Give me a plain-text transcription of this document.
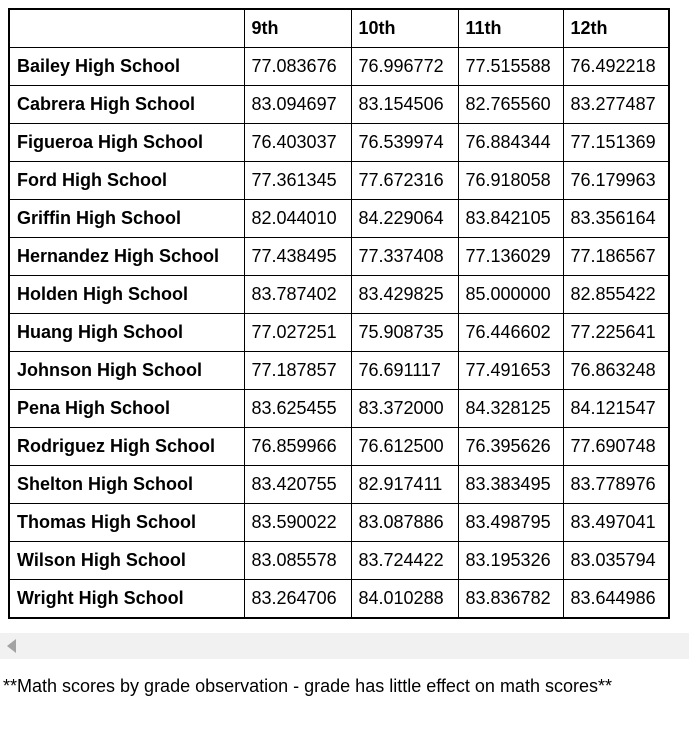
	9th	10th	11th	12th
Bailey High School	77.083676	76.996772	77.515588	76.492218
Cabrera High School	83.094697	83.154506	82.765560	83.277487
Figueroa High School	76.403037	76.539974	76.884344	77.151369
Ford High School	77.361345	77.672316	76.918058	76.179963
Griffin High School	82.044010	84.229064	83.842105	83.356164
Hernandez High School	77.438495	77.337408	77.136029	77.186567
Holden High School	83.787402	83.429825	85.000000	82.855422
Huang High School	77.027251	75.908735	76.446602	77.225641
Johnson High School	77.187857	76.691117	77.491653	76.863248
Pena High School	83.625455	83.372000	84.328125	84.121547
Rodriguez High School	76.859966	76.612500	76.395626	77.690748
Shelton High School	83.420755	82.917411	83.383495	83.778976
Thomas High School	83.590022	83.087886	83.498795	83.497041
Wilson High School	83.085578	83.724422	83.195326	83.035794
Wright High School	83.264706	84.010288	83.836782	83.644986
**Math scores by grade observation - grade has little effect on math scores**
